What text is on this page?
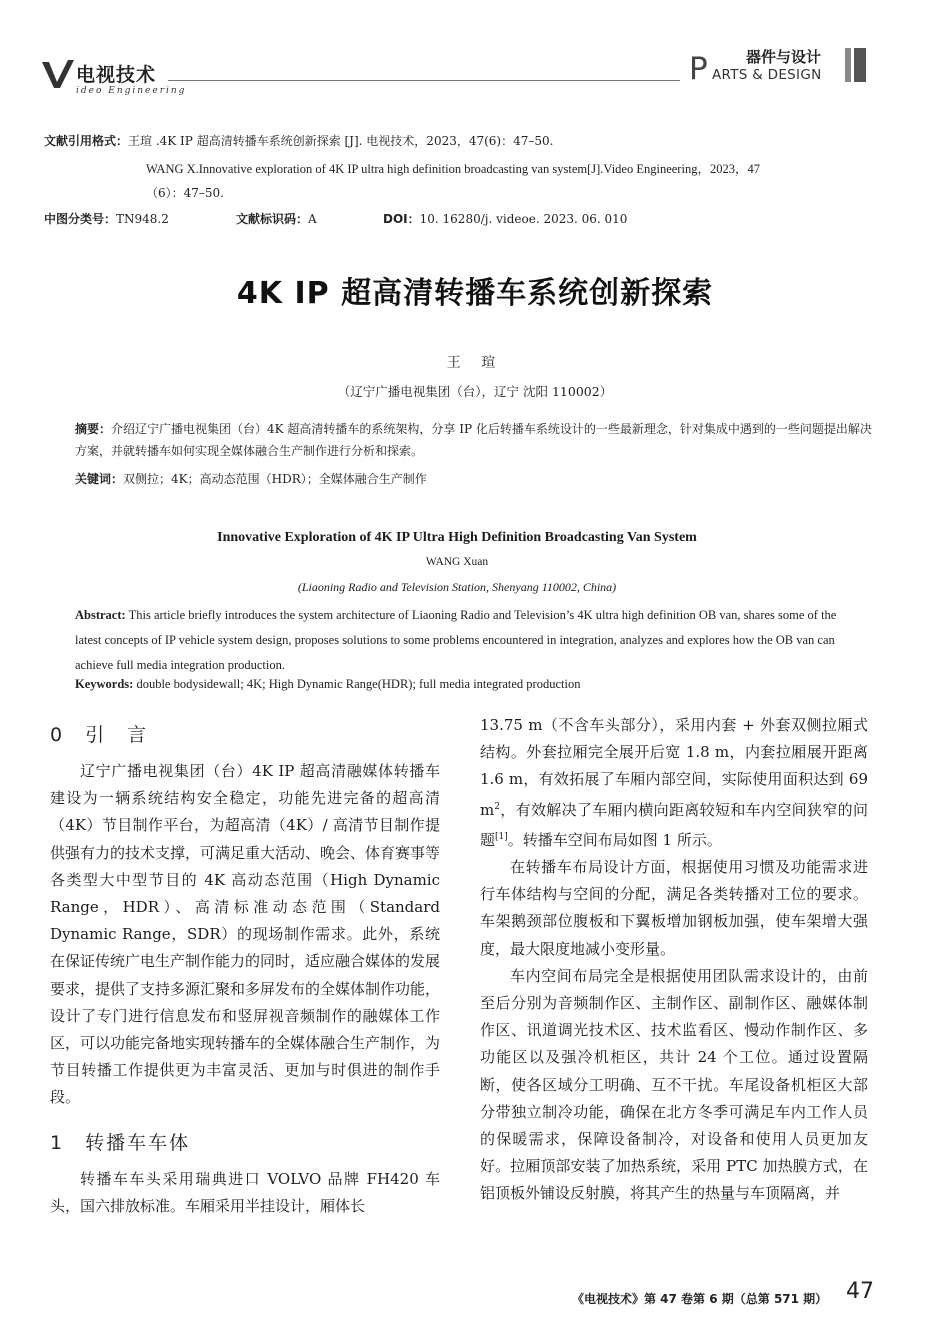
电视技术
ideo Engineering
器件与设计
P ARTS & DESIGN
文献引用格式：王瑄 .4K IP 超高清转播车系统创新探索 [J]. 电视技术，2023，47(6)：47–50.
WANG X.Innovative exploration of 4K IP ultra high definition broadcasting van system[J].Video Engineering，2023，47
（6）：47–50.
中图分类号：TN948.2	文献标识码：A	DOI：10. 16280/j. videoe. 2023. 06. 010
4K IP 超高清转播车系统创新探索
王 瑄
（辽宁广播电视集团（台），辽宁 沈阳 110002）
摘要：介绍辽宁广播电视集团（台）4K 超高清转播车的系统架构，分享 IP 化后转播车系统设计的一些最新理念，针对集成中遇到的一些问题提出解决方案，并就转播车如何实现全媒体融合生产制作进行分析和探索。
关键词：双侧拉；4K；高动态范围（HDR）；全媒体融合生产制作
Innovative Exploration of 4K IP Ultra High Definition Broadcasting Van System
WANG Xuan
(Liaoning Radio and Television Station, Shenyang 110002, China)
Abstract: This article briefly introduces the system architecture of Liaoning Radio and Television’s 4K ultra high definition OB van, shares some of the latest concepts of IP vehicle system design, proposes solutions to some problems encountered in integration, analyzes and explores how the OB van can achieve full media integration production.
Keywords: double bodysidewall; 4K; High Dynamic Range(HDR); full media integrated production
0　引　言

辽宁广播电视集团（台）4K IP 超高清融媒体转播车建设为一辆系统结构安全稳定，功能先进完备的超高清（4K）节目制作平台，为超高清（4K）/ 高清节目制作提供强有力的技术支撑，可满足重大活动、晚会、体育赛事等各类型大中型节目的 4K 高动态范围（High Dynamic Range，HDR）、高清标准动态范围（Standard Dynamic Range，SDR）的现场制作需求。此外，系统在保证传统广电生产制作能力的同时，适应融合媒体的发展要求，提供了支持多源汇聚和多屏发布的全媒体制作功能，设计了专门进行信息发布和竖屏视音频制作的融媒体工作区，可以功能完备地实现转播车的全媒体融合生产制作，为节目转播工作提供更为丰富灵活、更加与时俱进的制作手段。

1　转播车车体

转播车车头采用瑞典进口 VOLVO 品牌 FH420 车头，国六排放标准。车厢采用半挂设计，厢体长

13.75 m（不含车头部分），采用内套 + 外套双侧拉厢式结构。外套拉厢完全展开后宽 1.8 m，内套拉厢展开距离 1.6 m，有效拓展了车厢内部空间，实际使用面积达到 69 $m^2$，有效解决了车厢内横向距离较短和车内空间狭窄的问题[1]。转播车空间布局如图 1 所示。

在转播车布局设计方面，根据使用习惯及功能需求进行车体结构与空间的分配，满足各类转播对工位的要求。车架鹅颈部位腹板和下翼板增加钢板加强，使车架增大强度，最大限度地减小变形量。

车内空间布局完全是根据使用团队需求设计的，由前至后分别为音频制作区、主制作区、副制作区、融媒体制作区、讯道调光技术区、技术监看区、慢动作制作区、多功能区以及强冷机柜区，共计 24 个工位。通过设置隔断，使各区域分工明确、互不干扰。车尾设备机柜区大部分带独立制冷功能，确保在北方冬季可满足车内工作人员的保暖需求，保障设备制冷，对设备和使用人员更加友好。拉厢顶部安装了加热系统，采用 PTC 加热膜方式，在铝顶板外铺设反射膜，将其产生的热量与车顶隔离，并

《电视技术》第 47 卷第 6 期（总第 571 期） 47
